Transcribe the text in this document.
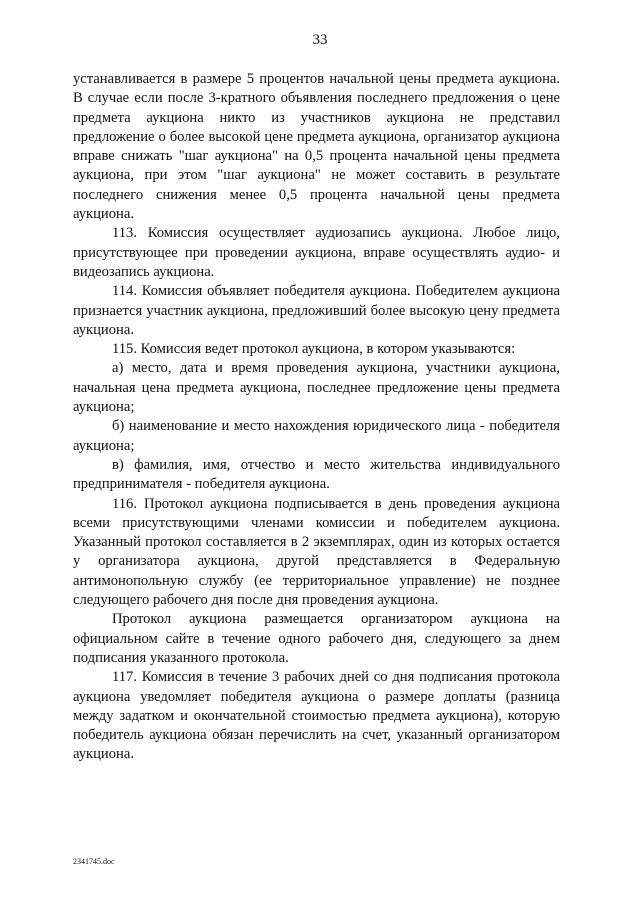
33

устанавливается в размере 5 процентов начальной цены предмета аукциона. В случае если после 3-кратного объявления последнего предложения о цене предмета аукциона никто из участников аукциона не представил предложение о более высокой цене предмета аукциона, организатор аукциона вправе снижать "шаг аукциона" на 0,5 процента начальной цены предмета аукциона, при этом "шаг аукциона" не может составить в результате последнего снижения менее 0,5 процента начальной цены предмета аукциона.

113. Комиссия осуществляет аудиозапись аукциона. Любое лицо, присутствующее при проведении аукциона, вправе осуществлять аудио- и видеозапись аукциона.

114. Комиссия объявляет победителя аукциона. Победителем аукциона признается участник аукциона, предложивший более высокую цену предмета аукциона.

115. Комиссия ведет протокол аукциона, в котором указываются:

а) место, дата и время проведения аукциона, участники аукциона, начальная цена предмета аукциона, последнее предложение цены предмета аукциона;

б) наименование и место нахождения юридического лица - победителя аукциона;

в) фамилия, имя, отчество и место жительства индивидуального предпринимателя - победителя аукциона.

116. Протокол аукциона подписывается в день проведения аукциона всеми присутствующими членами комиссии и победителем аукциона. Указанный протокол составляется в 2 экземплярах, один из которых остается у организатора аукциона, другой представляется в Федеральную антимонопольную службу (ее территориальное управление) не позднее следующего рабочего дня после дня проведения аукциона.

Протокол аукциона размещается организатором аукциона на официальном сайте в течение одного рабочего дня, следующего за днем подписания указанного протокола.

117. Комиссия в течение 3 рабочих дней со дня подписания протокола аукциона уведомляет победителя аукциона о размере доплаты (разница между задатком и окончательной стоимостью предмета аукциона), которую победитель аукциона обязан перечислить на счет, указанный организатором аукциона.

2341745.doc
